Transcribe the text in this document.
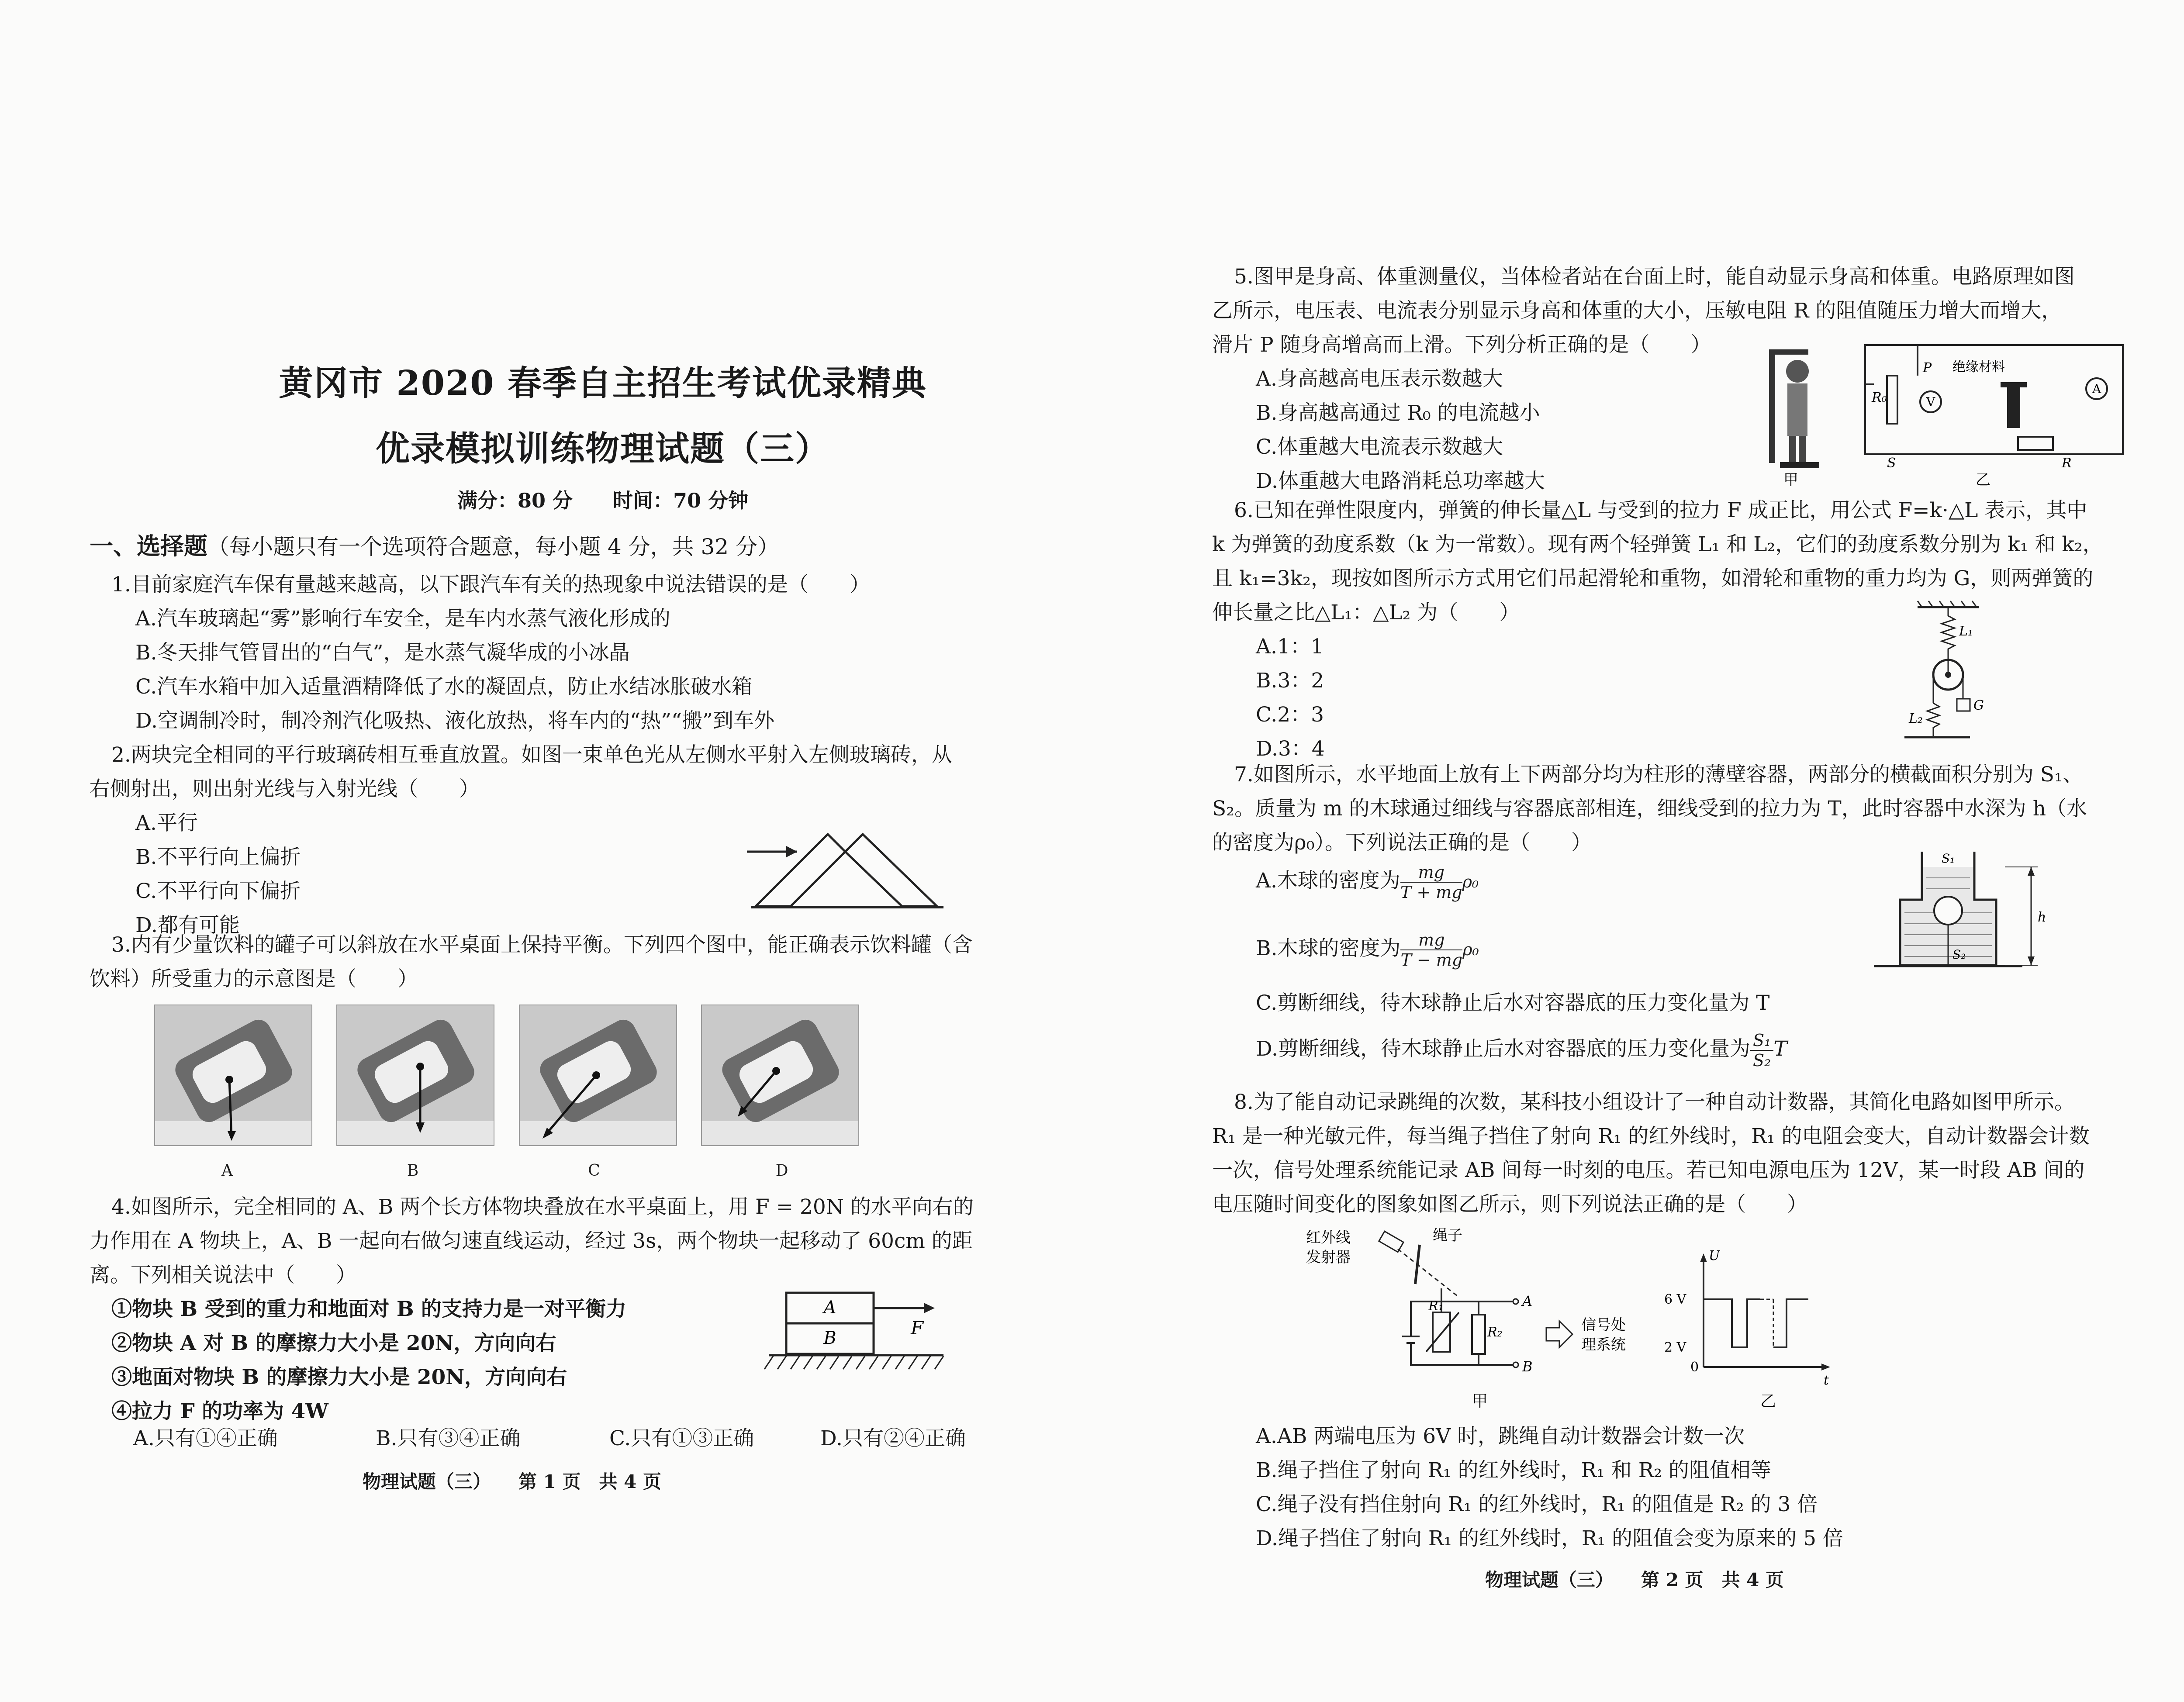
黄冈市 2020 春季自主招生考试优录精典
优录模拟训练物理试题（三）
满分：80 分　　时间：70 分钟
一、选择题（每小题只有一个选项符合题意，每小题 4 分，共 32 分）
1.目前家庭汽车保有量越来越高，以下跟汽车有关的热现象中说法错误的是（　　）
A.汽车玻璃起“雾”影响行车安全，是车内水蒸气液化形成的
B.冬天排气管冒出的“白气”，是水蒸气凝华成的小冰晶
C.汽车水箱中加入适量酒精降低了水的凝固点，防止水结冰胀破水箱
D.空调制冷时，制冷剂汽化吸热、液化放热，将车内的“热”“搬”到车外
2.两块完全相同的平行玻璃砖相互垂直放置。如图一束单色光从左侧水平射入左侧玻璃砖，从
右侧射出，则出射光线与入射光线（　　）
A.平行
B.不平行向上偏折
C.不平行向下偏折
D.都有可能
3.内有少量饮料的罐子可以斜放在水平桌面上保持平衡。下列四个图中，能正确表示饮料罐（含
饮料）所受重力的示意图是（　　）
A	B	C	D
4.如图所示，完全相同的 A、B 两个长方体物块叠放在水平桌面上，用 F = 20N 的水平向右的
力作用在 A 物块上，A、B 一起向右做匀速直线运动，经过 3s，两个物块一起移动了 60cm 的距
离。下列相关说法中（　　）
①物块 B 受到的重力和地面对 B 的支持力是一对平衡力
②物块 A 对 B 的摩擦力大小是 20N，方向向右
③地面对物块 B 的摩擦力大小是 20N，方向向右
④拉力 F 的功率为 4W
A.只有①④正确	B.只有③④正确	C.只有①③正确	D.只有②④正确
A
B	F
物理试题（三）　　第 1 页　共 4 页
5.图甲是身高、体重测量仪，当体检者站在台面上时，能自动显示身高和体重。电路原理如图
乙所示，电压表、电流表分别显示身高和体重的大小，压敏电阻 R 的阻值随压力增大而增大，
滑片 P 随身高增高而上滑。下列分析正确的是（　　）
A.身高越高电压表示数越大
B.身高越高通过 R₀ 的电流越小
C.体重越大电流表示数越大
D.体重越大电路消耗总功率越大	甲
R₀
P 绝缘材料
V
A
S	R
乙
6.已知在弹性限度内，弹簧的伸长量△L 与受到的拉力 F 成正比，用公式 F=k·△L 表示，其中
k 为弹簧的劲度系数（k 为一常数）。现有两个轻弹簧 L₁ 和 L₂，它们的劲度系数分别为 k₁ 和 k₂，
且 k₁=3k₂，现按如图所示方式用它们吊起滑轮和重物，如滑轮和重物的重力均为 G，则两弹簧的
伸长量之比△L₁：△L₂ 为（　　）
A.1：1
B.3：2
C.2：3
D.3：4
L₁
G
L₂
7.如图所示，水平地面上放有上下两部分均为柱形的薄壁容器，两部分的横截面积分别为 S₁、
S₂。质量为 m 的木球通过细线与容器底部相连，细线受到的拉力为 T，此时容器中水深为 h（水
的密度为ρ₀）。下列说法正确的是（　　）
A.木球的密度为 $\frac{mg}{T + mg} \rho_0$
B.木球的密度为 $\frac{mg}{T - mg} \rho_0$
C.剪断细线，待木球静止后水对容器底的压力变化量为 T
D.剪断细线，待木球静止后水对容器底的压力变化量为 $\frac{\text{S₁}}{\text{S₂}}$ T
S₁
S₂
h
8.为了能自动记录跳绳的次数，某科技小组设计了一种自动计数器，其简化电路如图甲所示。
R₁ 是一种光敏元件，每当绳子挡住了射向 R₁ 的红外线时，R₁ 的电阻会变大，自动计数器会计数
一次，信号处理系统能记录 AB 间每一时刻的电压。若已知电源电压为 12V，某一时段 AB 间的
电压随时间变化的图象如图乙所示，则下列说法正确的是（　　）
红外线
发射器
绳子
R₁
R₂
A
B
信号处
理系统
甲
U
t
6 V
2 V
0
乙
A.AB 两端电压为 6V 时，跳绳自动计数器会计数一次
B.绳子挡住了射向 R₁ 的红外线时，R₁ 和 R₂ 的阻值相等
C.绳子没有挡住射向 R₁ 的红外线时，R₁ 的阻值是 R₂ 的 3 倍
D.绳子挡住了射向 R₁ 的红外线时，R₁ 的阻值会变为原来的 5 倍
物理试题（三）　　第 2 页　共 4 页
